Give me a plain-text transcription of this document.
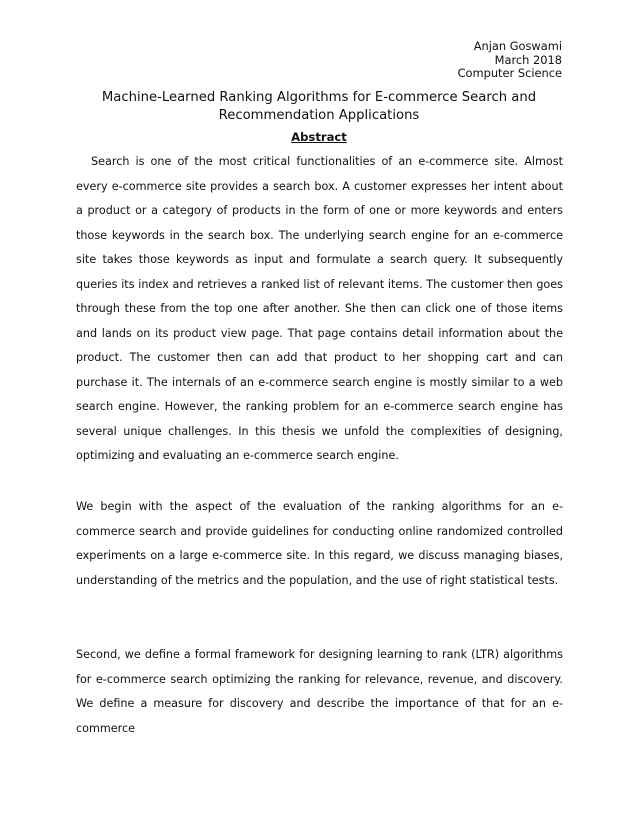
Anjan Goswami
March 2018
Computer Science
Machine-Learned Ranking Algorithms for E-commerce Search and Recommendation Applications
Abstract

Search is one of the most critical functionalities of an e-commerce site. Almost every e-commerce site provides a search box. A customer expresses her intent about a product or a category of products in the form of one or more keywords and enters those keywords in the search box. The underlying search engine for an e-commerce site takes those keywords as input and formulate a search query. It subsequently queries its index and retrieves a ranked list of relevant items. The customer then goes through these from the top one after another. She then can click one of those items and lands on its product view page. That page contains detail information about the product. The customer then can add that product to her shopping cart and can purchase it. The internals of an e-commerce search engine is mostly similar to a web search engine. However, the ranking problem for an e-commerce search engine has several unique challenges. In this thesis we unfold the complexities of designing, optimizing and evaluating an e-commerce search engine.

We begin with the aspect of the evaluation of the ranking algorithms for an e-commerce search and provide guidelines for conducting online randomized controlled experiments on a large e-commerce site. In this regard, we discuss managing biases, understanding of the metrics and the population, and the use of right statistical tests.

Second, we define a formal framework for designing learning to rank (LTR) algorithms for e-commerce search optimizing the ranking for relevance, revenue, and discovery. We define a measure for discovery and describe the importance of that for an e-commerce
